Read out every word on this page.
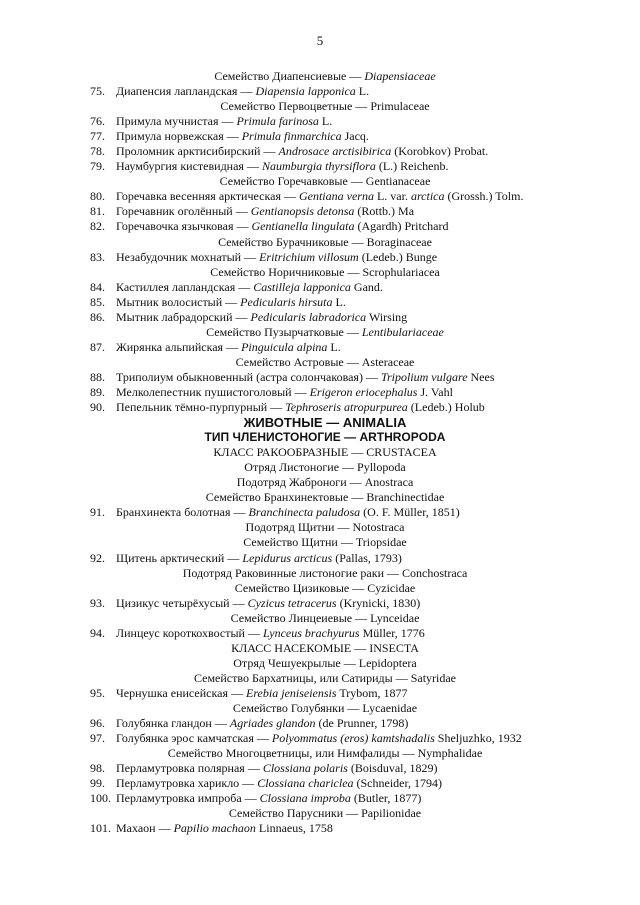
5
Семейство Диапенсиевые — Diapensiaceae
75. Диапенсия лапландская — Diapensia lapponica L.
Семейство Первоцветные — Primulaceae
76. Примула мучнистая — Primula farinosa L.
77. Примула норвежская — Primula finmarchica Jacq.
78. Проломник арктисибирский — Androsace arctisibirica (Korobkov) Probat.
79. Наумбургия кистевидная — Naumburgia thyrsiflora (L.) Reichenb.
Семейство Горечавковые — Gentianaceae
80. Горечавка весенняя арктическая — Gentiana verna L. var. arctica (Grossh.) Tolm.
81. Горечавник оголённый — Gentianopsis detonsa (Rottb.) Ma
82. Горечавочка язычковая — Gentianella lingulata (Agardh) Pritchard
Семейство Бурачниковые — Boraginaceae
83. Незабудочник мохнатый — Eritrichium villosum (Ledeb.) Bunge
Семейство Норичниковые — Scrophulariacea
84. Кастиллея лапландская — Castilleja lapponica Gand.
85. Мытник волосистый — Pedicularis hirsuta L.
86. Мытник лабрадорский — Pedicularis labradorica Wirsing
Семейство Пузырчатковые — Lentibulariaceae
87. Жирянка альпийская — Pinguicula alpina L.
Семейство Астровые — Asteraceae
88. Триполиум обыкновенный (астра солончаковая) — Tripolium vulgare Nees
89. Мелколепестник пушистоголовый — Erigeron eriocephalus J. Vahl
90. Пепельник тёмно-пурпурный — Tephroseris atropurpurea (Ledeb.) Holub
ЖИВОТНЫЕ — ANIMALIA
ТИП ЧЛЕНИСТОНОГИЕ — ARTHROPODA
КЛАСС РАКООБРАЗНЫЕ — CRUSTACEA
Отряд Листоногие — Pyllopoda
Подотряд Жаброноги — Anostraca
Семейство Бранхинектовые — Branchinectidae
91. Бранхинекта болотная — Branchinecta paludosa (O. F. Müller, 1851)
Подотряд Щитни — Notostraca
Семейство Щитни — Triopsidae
92. Щитень арктический — Lepidurus arcticus (Pallas, 1793)
Подотряд Раковинные листоногие раки — Conchostraca
Семейство Цизиковые — Cyzicidae
93. Цизикус четырёхусый — Cyzicus tetracerus (Krynicki, 1830)
Семейство Линцеиевые — Lynceidae
94. Линцеус короткохвостый — Lynceus brachyurus Müller, 1776
КЛАСС НАСЕКОМЫЕ — INSECTA
Отряд Чешуекрылые — Lepidoptera
Семейство Бархатницы, или Сатириды — Satyridae
95. Чернушка енисейская — Erebia jeniseiensis Trybom, 1877
Семейство Голубянки — Lycaenidae
96. Голубянка гландон — Agriades glandon (de Prunner, 1798)
97. Голубянка эрос камчатская — Polyommatus (eros) kamtshadalis Sheljuzhko, 1932
Семейство Многоцветницы, или Нимфалиды — Nymphalidae
98. Перламутровка полярная — Clossiana polaris (Boisduval, 1829)
99. Перламутровка харикло — Clossiana chariclea (Schneider, 1794)
100. Перламутровка импроба — Clossiana improba (Butler, 1877)
Семейство Парусники — Papilionidae
101. Махаон — Papilio machaon Linnaeus, 1758
